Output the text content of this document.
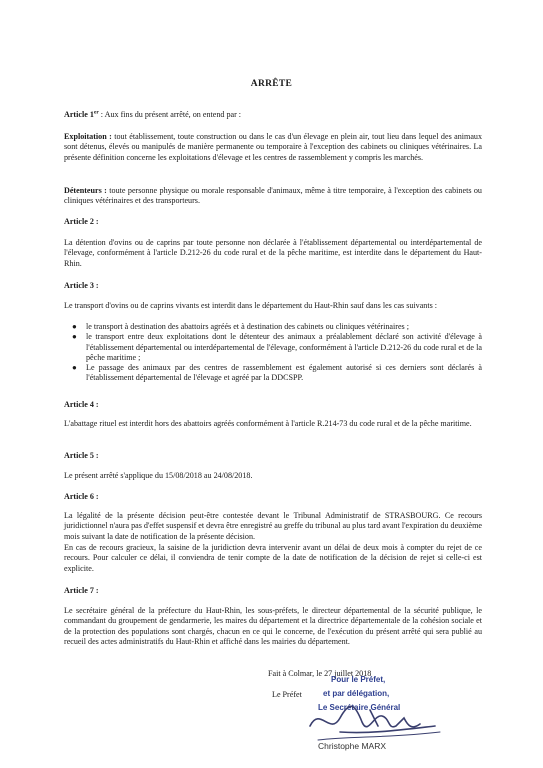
ARRÊTE
Article 1er : Aux fins du présent arrêté, on entend par :
Exploitation : tout établissement, toute construction ou dans le cas d'un élevage en plein air, tout lieu dans lequel des animaux sont détenus, élevés ou manipulés de manière permanente ou temporaire à l'exception des cabinets ou cliniques vétérinaires. La présente définition concerne les exploitations d'élevage et les centres de rassemblement y compris les marchés.
Détenteurs : toute personne physique ou morale responsable d'animaux, même à titre temporaire, à l'exception des cabinets ou cliniques vétérinaires et des transporteurs.
Article 2 :
La détention d'ovins ou de caprins par toute personne non déclarée à l'établissement départemental ou interdépartemental de l'élevage, conformément à l'article D.212-26 du code rural et de la pêche maritime, est interdite dans le département du Haut-Rhin.
Article 3 :
Le transport d'ovins ou de caprins vivants est interdit dans le département du Haut-Rhin sauf dans les cas suivants :
● le transport à destination des abattoirs agréés et à destination des cabinets ou cliniques vétérinaires ;
● le transport entre deux exploitations dont le détenteur des animaux a préalablement déclaré son activité d'élevage à l'établissement départemental ou interdépartemental de l'élevage, conformément à l'article D.212-26 du code rural et de la pêche maritime ;
● Le passage des animaux par des centres de rassemblement est également autorisé si ces derniers sont déclarés à l'établissement départemental de l'élevage et agréé par la DDCSPP.
Article 4 :
L'abattage rituel est interdit hors des abattoirs agréés conformément à l'article R.214-73 du code rural et de la pêche maritime.
Article 5 :
Le présent arrêté s'applique du 15/08/2018 au 24/08/2018.
Article 6 :
La légalité de la présente décision peut-être contestée devant le Tribunal Administratif de STRASBOURG. Ce recours juridictionnel n'aura pas d'effet suspensif et devra être enregistré au greffe du tribunal au plus tard avant l'expiration du deuxième mois suivant la date de notification de la présente décision.
En cas de recours gracieux, la saisine de la juridiction devra intervenir avant un délai de deux mois à compter du rejet de ce recours. Pour calculer ce délai, il conviendra de tenir compte de la date de notification de la décision de rejet si celle-ci est explicite.
Article 7 :
Le secrétaire général de la préfecture du Haut-Rhin, les sous-préfets, le directeur départemental de la sécurité publique, le commandant du groupement de gendarmerie, les maires du département et la directrice départementale de la cohésion sociale et de la protection des populations sont chargés, chacun en ce qui le concerne, de l'exécution du présent arrêté qui sera publié au recueil des actes administratifs du Haut-Rhin et affiché dans les mairies du département.
Fait à Colmar, le 27 juillet 2018
Le Préfet
Pour le Préfet,
et par délégation,
Le Secrétaire Général
Christophe MARX
